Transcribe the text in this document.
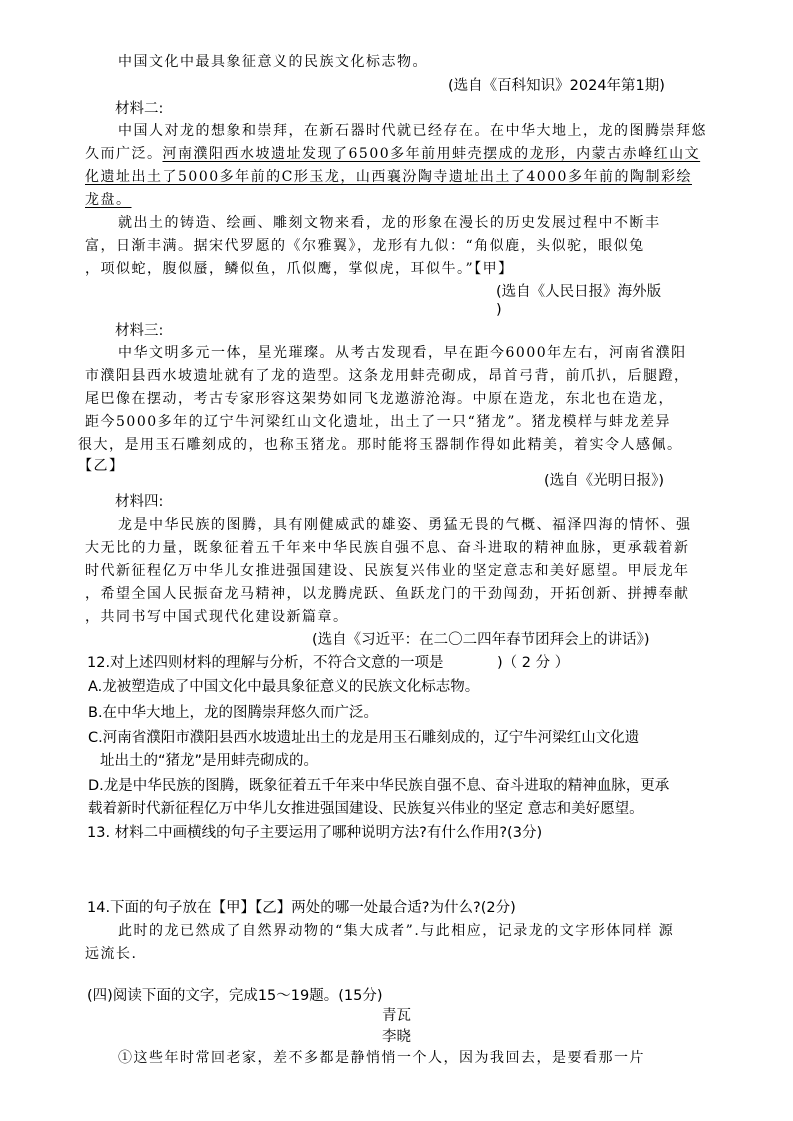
中国文化中最具象征意义的民族文化标志物。
(选自《百科知识》2024年第1期)
材料二:
中国人对龙的想象和崇拜，在新石器时代就已经存在。在中华大地上，龙的图腾崇拜悠
久而广泛。河南濮阳西水坡遗址发现了6500多年前用蚌壳摆成的龙形，内蒙古赤峰红山文
化遗址出土了5000多年前的C形玉龙，山西襄汾陶寺遗址出土了4000多年前的陶制彩绘
龙盘。
就出土的铸造、绘画、雕刻文物来看，龙的形象在漫长的历史发展过程中不断丰
富，日渐丰满。据宋代罗愿的《尔雅翼》，龙形有九似：“角似鹿，头似驼，眼似兔
，项似蛇，腹似蜃，鳞似鱼，爪似鹰，掌似虎，耳似牛。”【甲】
(选自《人民日报》海外版
)
材料三:
中华文明多元一体，星光璀璨。从考古发现看，早在距今6000年左右，河南省濮阳
市濮阳县西水坡遗址就有了龙的造型。这条龙用蚌壳砌成，昂首弓背，前爪扒，后腿蹬，
尾巴像在摆动，考古专家形容这架势如同飞龙遨游沧海。中原在造龙，东北也在造龙，
距今5000多年的辽宁牛河梁红山文化遗址，出土了一只“猪龙”。猪龙模样与蚌龙差异
很大，是用玉石雕刻成的，也称玉猪龙。那时能将玉器制作得如此精美，着实令人感佩。
【乙】
(选自《光明日报》)
材料四:
龙是中华民族的图腾，具有刚健威武的雄姿、勇猛无畏的气概、福泽四海的情怀、强
大无比的力量，既象征着五千年来中华民族自强不息、奋斗进取的精神血脉，更承载着新
时代新征程亿万中华儿女推进强国建设、民族复兴伟业的坚定意志和美好愿望。甲辰龙年
，希望全国人民振奋龙马精神，以龙腾虎跃、鱼跃龙门的干劲闯劲，开拓创新、拼搏奉献
，共同书写中国式现代化建设新篇章。
(选自《习近平：在二〇二四年春节团拜会上的讲话》)
12.对上述四则材料的理解与分析，不符合文意的一项是	)（ 2 分 ）
A.龙被塑造成了中国文化中最具象征意义的民族文化标志物。
B.在中华大地上，龙的图腾崇拜悠久而广泛。
C.河南省濮阳市濮阳县西水坡遗址出土的龙是用玉石雕刻成的，辽宁牛河梁红山文化遗
址出土的“猪龙”是用蚌壳砌成的。
D.龙是中华民族的图腾，既象征着五千年来中华民族自强不息、奋斗进取的精神血脉，更承
载着新时代新征程亿万中华儿女推进强国建设、民族复兴伟业的坚定 意志和美好愿望。
13. 材料二中画横线的句子主要运用了哪种说明方法?有什么作用?(3分)
14.下面的句子放在【甲】【乙】两处的哪一处最合适?为什么?(2分)
此时的龙已然成了自然界动物的“集大成者”.与此相应，记录龙的文字形体同样 源
远流长.
(四)阅读下面的文字，完成15～19题。(15分)
青瓦
李晓
①这些年时常回老家，差不多都是静悄悄一个人，因为我回去，是要看那一片
